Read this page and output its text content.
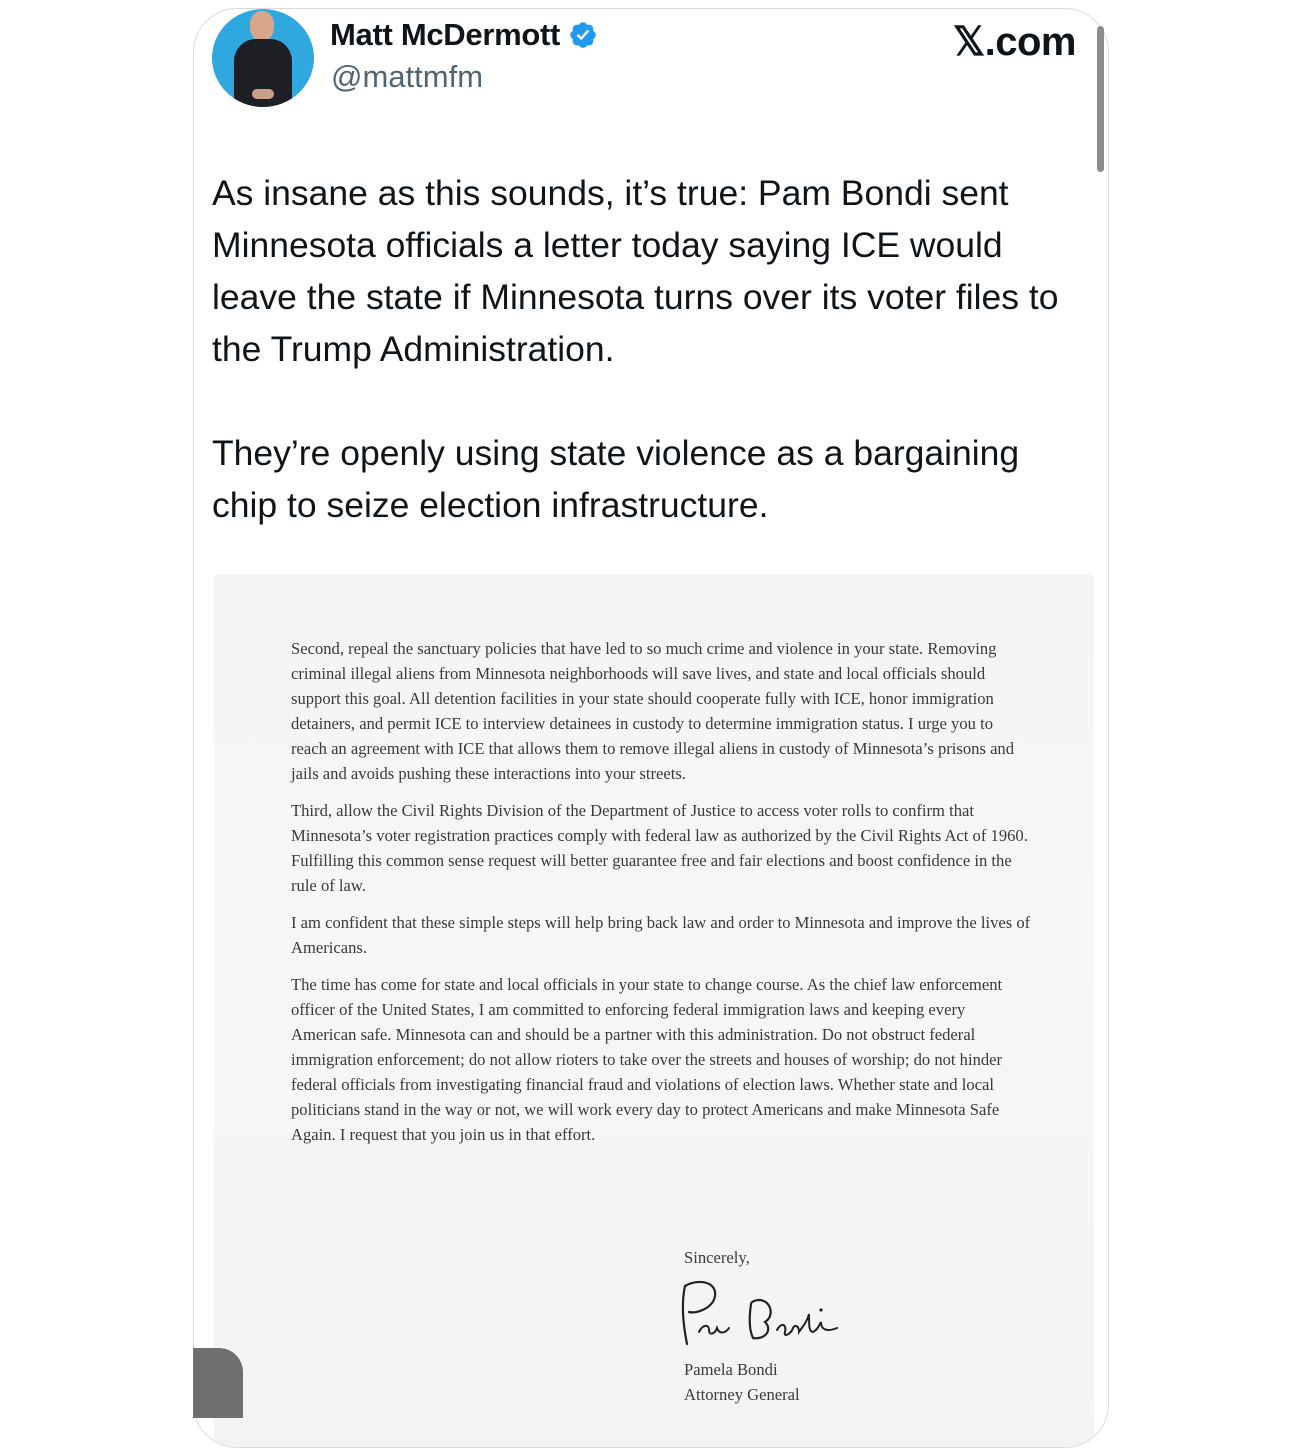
Matt McDermott
@mattmfm
𝕏.com

As insane as this sounds, it’s true: Pam Bondi sent Minnesota officials a letter today saying ICE would leave the state if Minnesota turns over its voter files to the Trump Administration.

They’re openly using state violence as a bargaining chip to seize election infrastructure.

Second, repeal the sanctuary policies that have led to so much crime and violence in your state. Removing criminal illegal aliens from Minnesota neighborhoods will save lives, and state and local officials should support this goal. All detention facilities in your state should cooperate fully with ICE, honor immigration detainers, and permit ICE to interview detainees in custody to determine immigration status. I urge you to reach an agreement with ICE that allows them to remove illegal aliens in custody of Minnesota’s prisons and jails and avoids pushing these interactions into your streets.

Third, allow the Civil Rights Division of the Department of Justice to access voter rolls to confirm that Minnesota’s voter registration practices comply with federal law as authorized by the Civil Rights Act of 1960. Fulfilling this common sense request will better guarantee free and fair elections and boost confidence in the rule of law.

I am confident that these simple steps will help bring back law and order to Minnesota and improve the lives of Americans.

The time has come for state and local officials in your state to change course. As the chief law enforcement officer of the United States, I am committed to enforcing federal immigration laws and keeping every American safe. Minnesota can and should be a partner with this administration. Do not obstruct federal immigration enforcement; do not allow rioters to take over the streets and houses of worship; do not hinder federal officials from investigating financial fraud and violations of election laws. Whether state and local politicians stand in the way or not, we will work every day to protect Americans and make Minnesota Safe Again. I request that you join us in that effort.

Sincerely,
Pamela Bondi
Attorney General
